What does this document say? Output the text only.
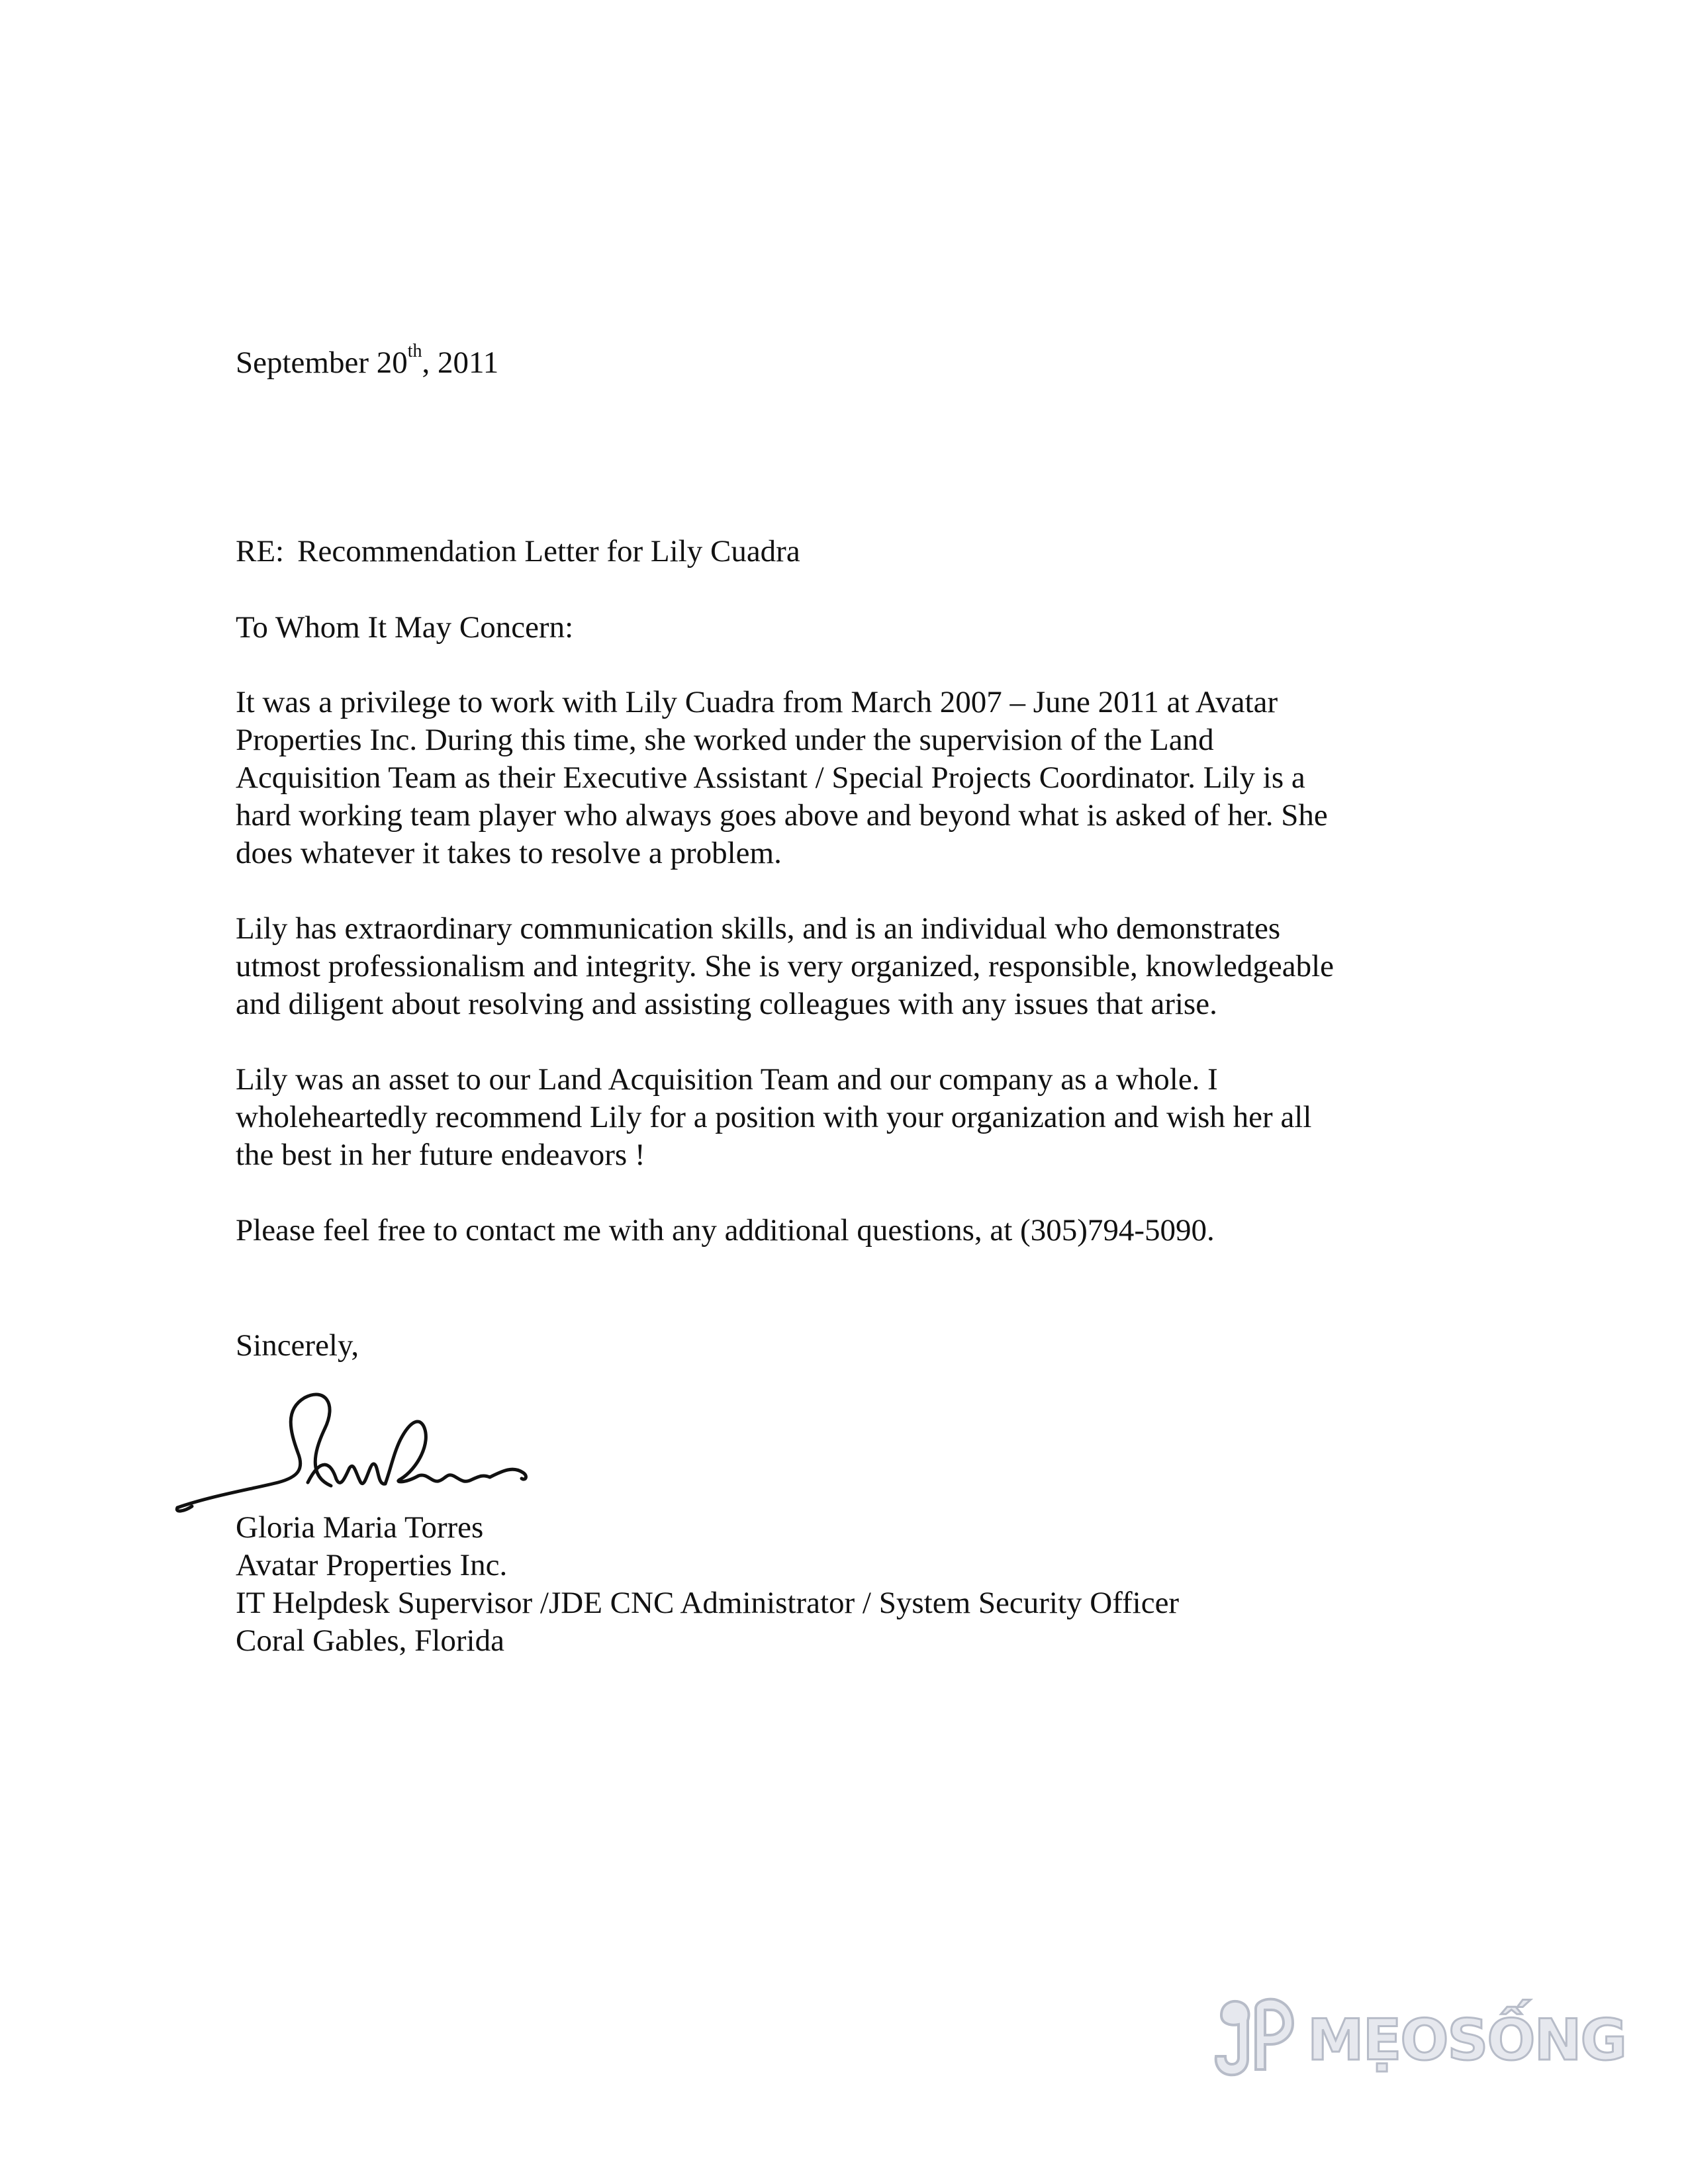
September 20th, 2011
RE: Recommendation Letter for Lily Cuadra
To Whom It May Concern:
It was a privilege to work with Lily Cuadra from March 2007 – June 2011 at Avatar
Properties Inc. During this time, she worked under the supervision of the Land
Acquisition Team as their Executive Assistant / Special Projects Coordinator. Lily is a
hard working team player who always goes above and beyond what is asked of her. She
does whatever it takes to resolve a problem.
Lily has extraordinary communication skills, and is an individual who demonstrates
utmost professionalism and integrity. She is very organized, responsible, knowledgeable
and diligent about resolving and assisting colleagues with any issues that arise.
Lily was an asset to our Land Acquisition Team and our company as a whole. I
wholeheartedly recommend Lily for a position with your organization and wish her all
the best in her future endeavors !
Please feel free to contact me with any additional questions, at (305)794-5090.
Sincerely,
Gloria Maria Torres
Avatar Properties Inc.
IT Helpdesk Supervisor /JDE CNC Administrator / System Security Officer
Coral Gables, Florida
MẸOSỐNG
